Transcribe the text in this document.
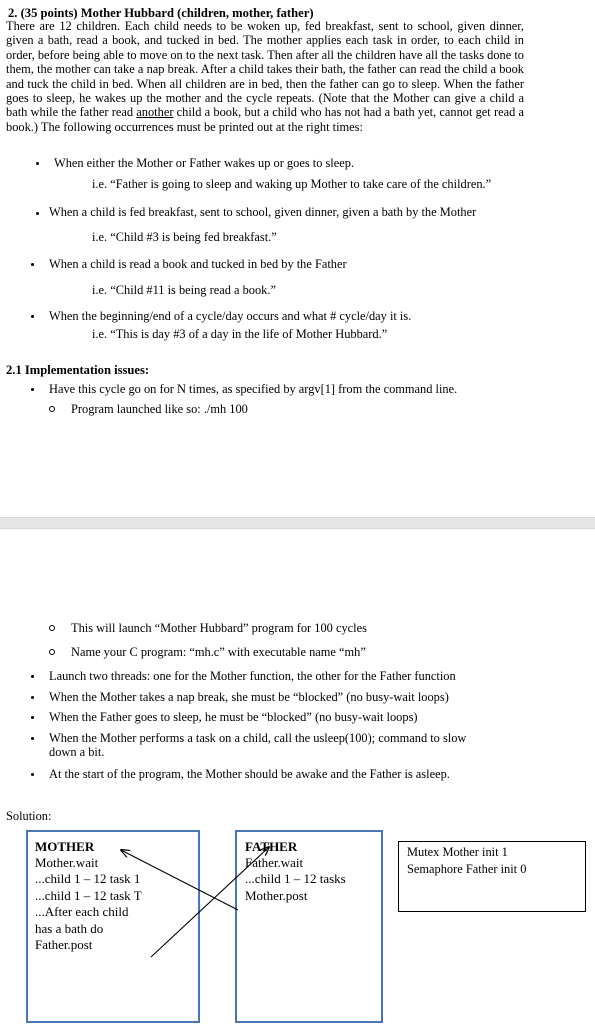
2. (35 points) Mother Hubbard (children, mother, father)
There are 12 children. Each child needs to be woken up, fed breakfast, sent to school, given dinner, given a bath, read a book, and tucked in bed. The mother applies each task in order, to each child in order, before being able to move on to the next task. Then after all the children have all the tasks done to them, the mother can take a nap break. After a child takes their bath, the father can read the child a book and tuck the child in bed. When all children are in bed, then the father can go to sleep. When the father goes to sleep, he wakes up the mother and the cycle repeats. (Note that the Mother can give a child a bath while the father read another child a book, but a child who has not had a bath yet, cannot get read a book.) The following occurrences must be printed out at the right times:
When either the Mother or Father wakes up or goes to sleep.
i.e. “Father is going to sleep and waking up Mother to take care of the children.”
When a child is fed breakfast, sent to school, given dinner, given a bath by the Mother
i.e. “Child #3 is being fed breakfast.”
When a child is read a book and tucked in bed by the Father
i.e. “Child #11 is being read a book.”
When the beginning/end of a cycle/day occurs and what # cycle/day it is.
i.e. “This is day #3 of a day in the life of Mother Hubbard.”
2.1 Implementation issues:
Have this cycle go on for N times, as specified by argv[1] from the command line.
Program launched like so: ./mh 100
This will launch “Mother Hubbard” program for 100 cycles
Name your C program: “mh.c” with executable name “mh”
Launch two threads: one for the Mother function, the other for the Father function
When the Mother takes a nap break, she must be “blocked” (no busy-wait loops)
When the Father goes to sleep, he must be “blocked” (no busy-wait loops)
When the Mother performs a task on a child, call the usleep(100); command to slow
down a bit.
At the start of the program, the Mother should be awake and the Father is asleep.
Solution:
MOTHER
Mother.wait
...child 1 – 12 task 1
...child 1 – 12 task T
...After each child
has a bath do
Father.post
FATHER
Father.wait
...child 1 – 12 tasks
Mother.post
Mutex Mother init 1
Semaphore Father init 0
